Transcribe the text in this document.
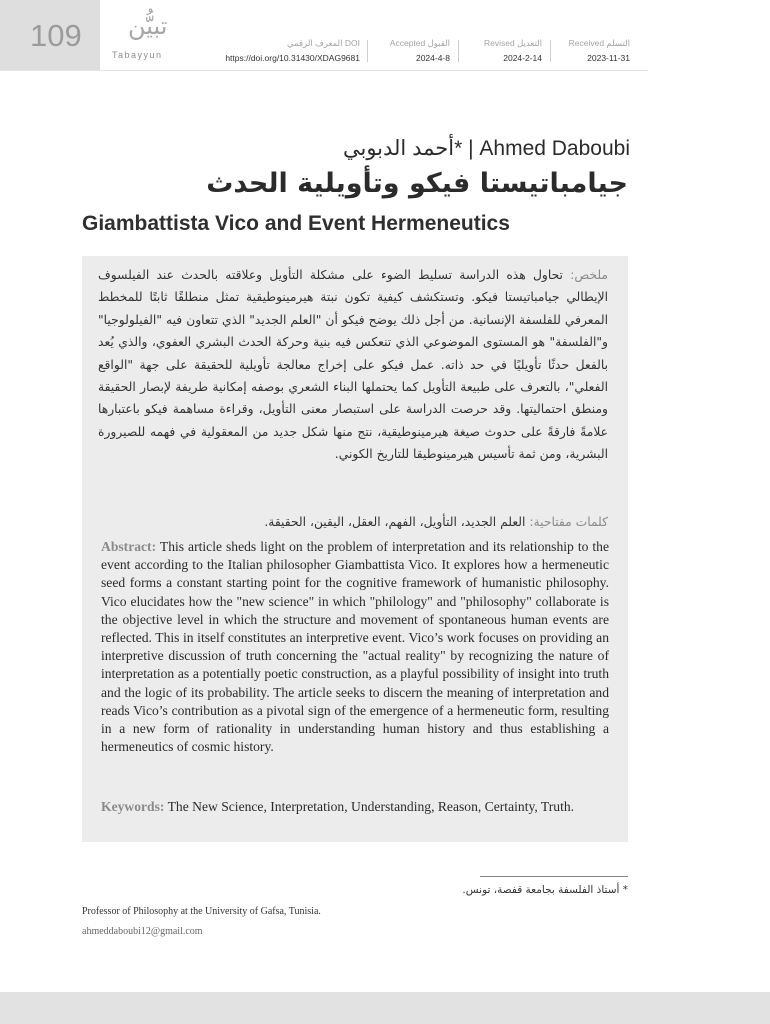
109 تبيُّن
Tabayyun
المعرف الرقمي DOI
https://doi.org/10.31430/XDAG9681
Accepted القبول
2024-4-8
Revised التعديل
2024-2-14
Received التسلم
2023-11-31
أحمد الدبوبي* | Ahmed Daboubi
جيامباتيستا فيكو وتأويلية الحدث
Giambattista Vico and Event Hermeneutics
ملخص: تحاول هذه الدراسة تسليط الضوء على مشكلة التأويل وعلاقته بالحدث عند الفيلسوف الإيطالي جيامباتيستا فيكو. وتستكشف كيفية تكون نبتة هيرمينوطيقية تمثل منطلقًا ثابتًا للمخطط المعرفي للفلسفة الإنسانية. من أجل ذلك يوضح فيكو أن "العلم الجديد" الذي تتعاون فيه "الفيلولوجيا" و"الفلسفة" هو المستوى الموضوعي الذي تنعكس فيه بنية وحركة الحدث البشري العفوي، والذي يُعد بالفعل حدثًا تأويليًا في حد ذاته. عمل فيكو على إخراج معالجة تأويلية للحقيقة على جهة "الواقع الفعلي"، بالتعرف على طبيعة التأويل كما يحتملها البناء الشعري بوصفه إمكانية طريفة لإبصار الحقيقة ومنطق احتماليتها. وقد حرصت الدراسة على استبصار معنى التأويل، وقراءة مساهمة فيكو باعتبارها علامةً فارقةً على حدوث صيغة هيرمينوطيقية، نتج منها شكل جديد من المعقولية في فهمه للصيرورة البشرية، ومن ثمة تأسيس هيرمينوطيقا للتاريخ الكوني.
كلمات مفتاحية: العلم الجديد، التأويل، الفهم، العقل، اليقين، الحقيقة.
Abstract: This article sheds light on the problem of interpretation and its relationship to the event according to the Italian philosopher Giambattista Vico. It explores how a hermeneutic seed forms a constant starting point for the cognitive framework of humanistic philosophy. Vico elucidates how the "new science" in which "philology" and "philosophy" collaborate is the objective level in which the structure and movement of spontaneous human events are reflected. This in itself constitutes an interpretive event. Vico’s work focuses on providing an interpretive discussion of truth concerning the "actual reality" by recognizing the nature of interpretation as a potentially poetic construction, as a playful possibility of insight into truth and the logic of its probability. The article seeks to discern the meaning of interpretation and reads Vico’s contribution as a pivotal sign of the emergence of a hermeneutic form, resulting in a new form of rationality in understanding human history and thus establishing a hermeneutics of cosmic history.
Keywords: The New Science, Interpretation, Understanding, Reason, Certainty, Truth.
* أستاذ الفلسفة بجامعة قفصة، تونس.
Professor of Philosophy at the University of Gafsa, Tunisia.
ahmeddaboubi12@gmail.com
